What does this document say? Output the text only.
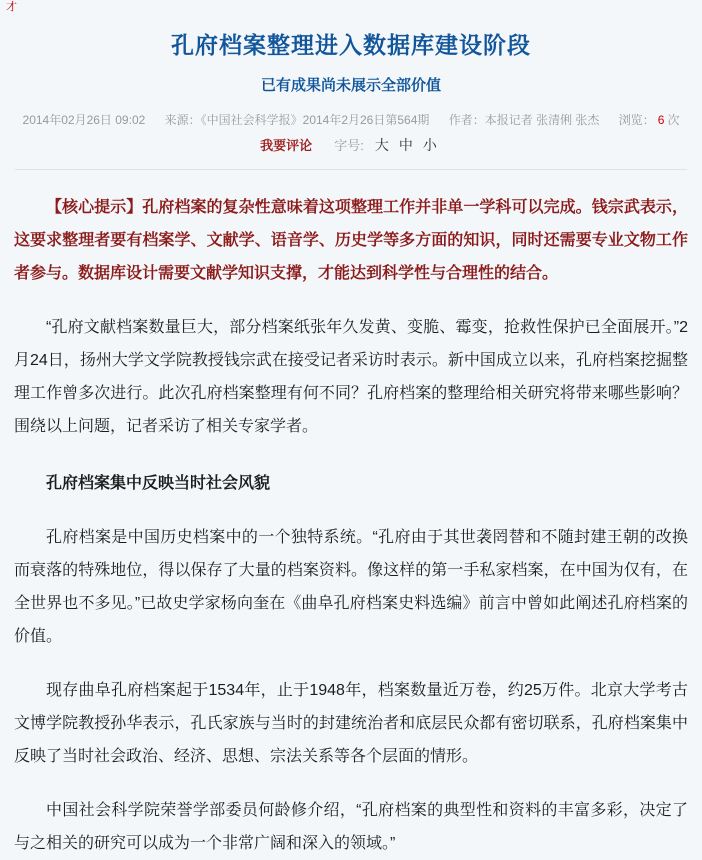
才
孔府档案整理进入数据库建设阶段
已有成果尚未展示全部价值
2014年02月26日 09:02 来源：《中国社会科学报》2014年2月26日第564期 作者：本报记者 张清俐 张杰 浏览： 6 次
我要评论 字号: 大 中 小

【核心提示】孔府档案的复杂性意味着这项整理工作并非单一学科可以完成。钱宗武表示，这要求整理者要有档案学、文献学、语音学、历史学等多方面的知识，同时还需要专业文物工作者参与。数据库设计需要文献学知识支撑，才能达到科学性与合理性的结合。

“孔府文献档案数量巨大，部分档案纸张年久发黄、变脆、霉变，抢救性保护已全面展开。”2月24日，扬州大学文学院教授钱宗武在接受记者采访时表示。新中国成立以来，孔府档案挖掘整理工作曾多次进行。此次孔府档案整理有何不同？孔府档案的整理给相关研究将带来哪些影响？围绕以上问题，记者采访了相关专家学者。

孔府档案集中反映当时社会风貌

孔府档案是中国历史档案中的一个独特系统。“孔府由于其世袭罔替和不随封建王朝的改换而衰落的特殊地位，得以保存了大量的档案资料。像这样的第一手私家档案，在中国为仅有，在全世界也不多见。”已故史学家杨向奎在《曲阜孔府档案史料选编》前言中曾如此阐述孔府档案的价值。

现存曲阜孔府档案起于1534年，止于1948年，档案数量近万卷，约25万件。北京大学考古文博学院教授孙华表示，孔氏家族与当时的封建统治者和底层民众都有密切联系，孔府档案集中反映了当时社会政治、经济、思想、宗法关系等各个层面的情形。

中国社会科学院荣誉学部委员何龄修介绍，“孔府档案的典型性和资料的丰富多彩，决定了与之相关的研究可以成为一个非常广阔和深入的领域。”
